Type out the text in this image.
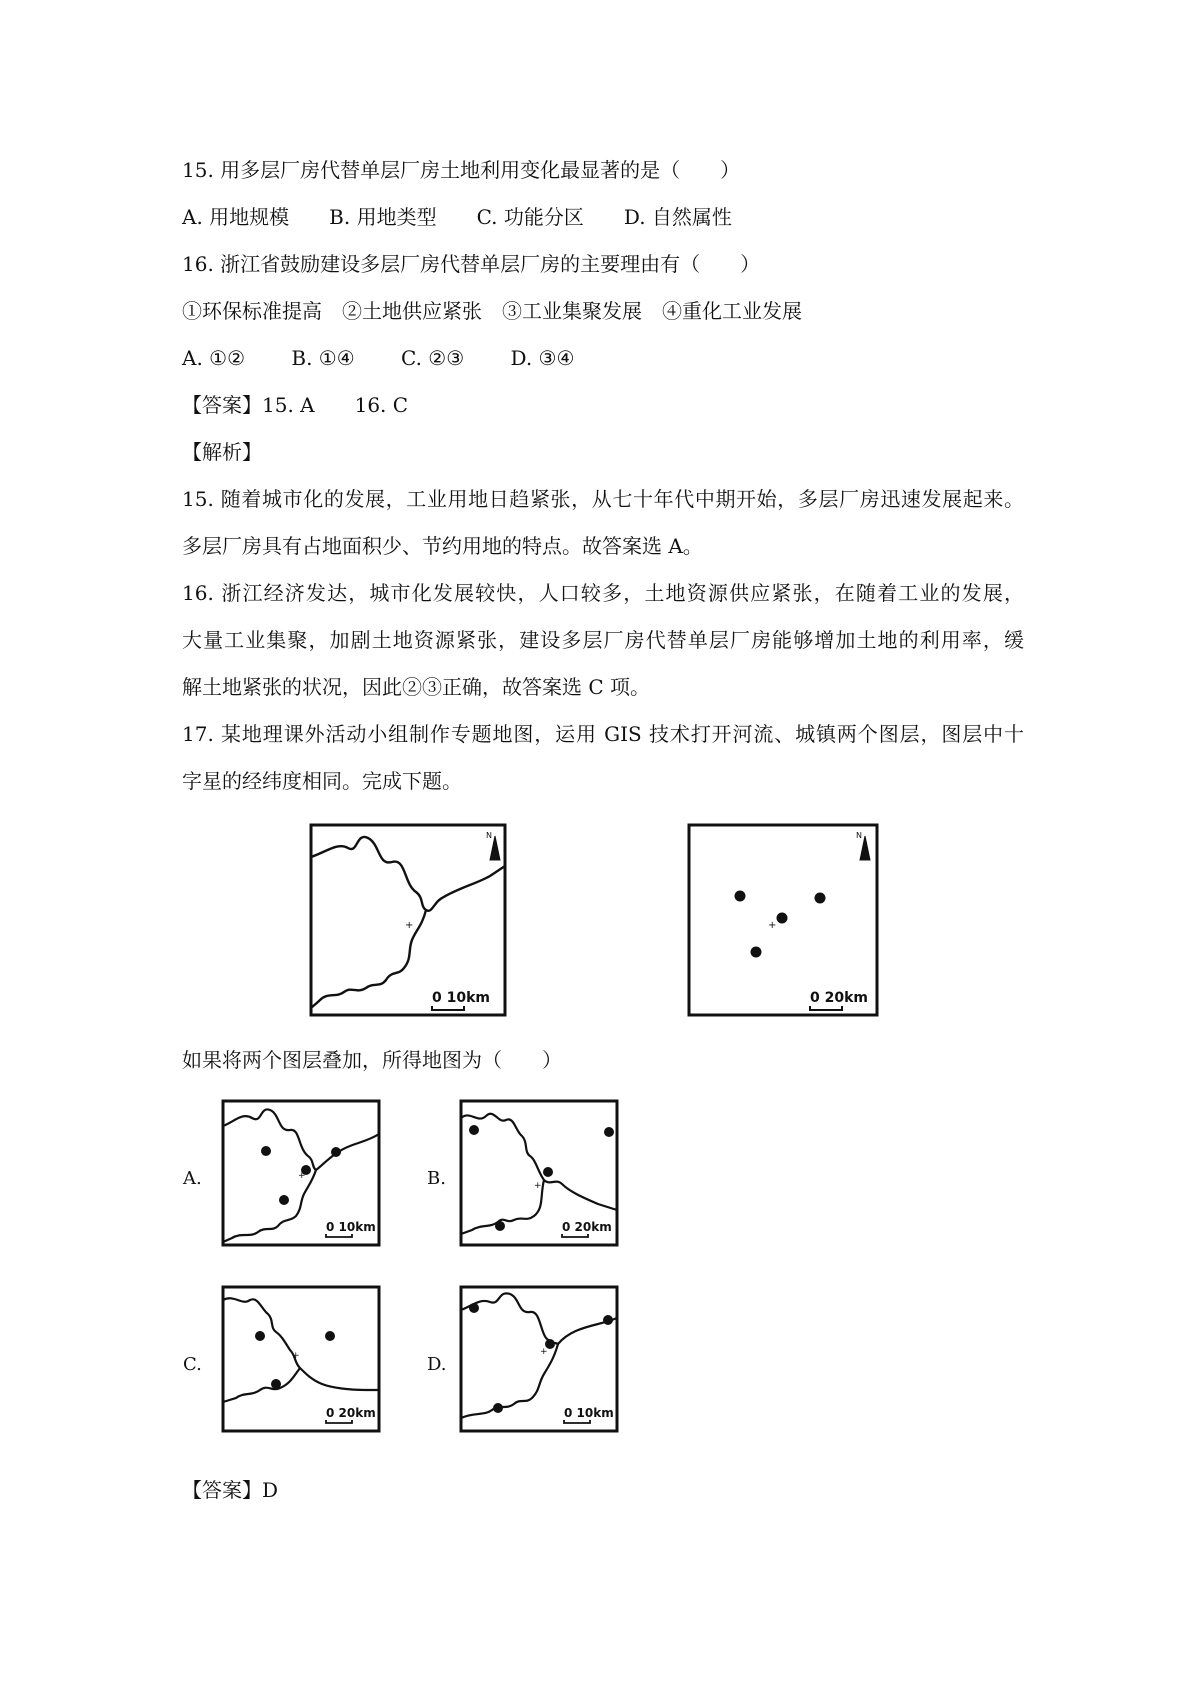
15. 用多层厂房代替单层厂房土地利用变化最显著的是（　　）
A. 用地规模　　B. 用地类型　　C. 功能分区　　D. 自然属性
16. 浙江省鼓励建设多层厂房代替单层厂房的主要理由有（　　）
①环保标准提高　②土地供应紧张　③工业集聚发展　④重化工业发展
A. ①②　　 B. ①④　　 C. ②③　　 D. ③④
【答案】15. A　　16. C
【解析】
15. 随着城市化的发展，工业用地日趋紧张，从七十年代中期开始，多层厂房迅速发展起来。
多层厂房具有占地面积少、节约用地的特点。故答案选 A。
16. 浙江经济发达，城市化发展较快，人口较多，土地资源供应紧张，在随着工业的发展，
大量工业集聚，加剧土地资源紧张，建设多层厂房代替单层厂房能够增加土地的利用率，缓
解土地紧张的状况，因此②③正确，故答案选 C 项。
17. 某地理课外活动小组制作专题地图，运用 GIS 技术打开河流、城镇两个图层，图层中十
字星的经纬度相同。完成下题。
+
N
0 10km
+
N
0 20km
如果将两个图层叠加，所得地图为（　　）
A.	+
0 10km
B.	+
0 20km
C.	+
0 20km
D.
+
0 10km
【答案】D
